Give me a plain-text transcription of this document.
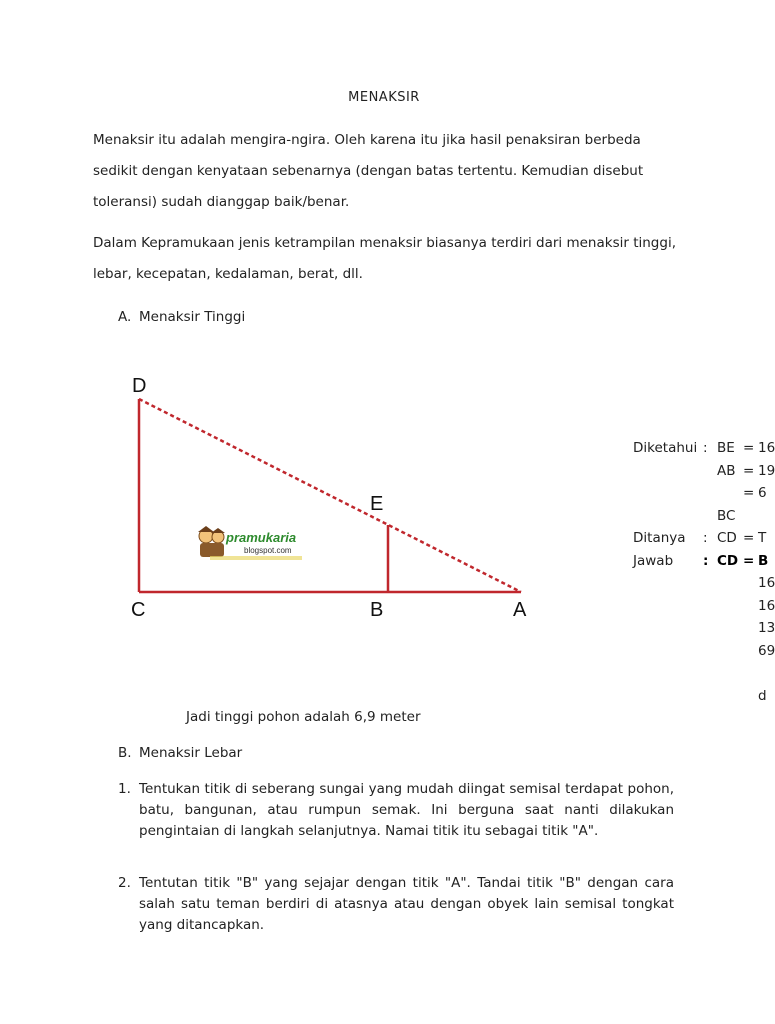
MENAKSIR

Menaksir itu adalah mengira-ngira. Oleh karena itu jika hasil penaksiran berbeda sedikit dengan kenyataan sebenarnya (dengan batas tertentu. Kemudian disebut toleransi) sudah dianggap baik/benar.

Dalam Kepramukaan jenis ketrampilan menaksir biasanya terdiri dari menaksir tinggi, lebar, kecepatan, kedalaman, berat, dll.

A. Menaksir Tinggi
D
E
C	B	A
pramukaria
blogspot.com
Diketahui : BE = 16
AB = 19
= 6
BC
Ditanya : CD = T
Jawab : CD = B
16
16
13
69
d
Jadi tinggi pohon adalah 6,9 meter
B. Menaksir Lebar
1. Tentukan titik di seberang sungai yang mudah diingat semisal terdapat pohon, batu, bangunan, atau rumpun semak. Ini berguna saat nanti dilakukan pengintaian di langkah selanjutnya. Namai titik itu sebagai titik "A".
2. Tentutan titik "B" yang sejajar dengan titik "A". Tandai titik "B" dengan cara salah satu teman berdiri di atasnya atau dengan obyek lain semisal tongkat yang ditancapkan.
